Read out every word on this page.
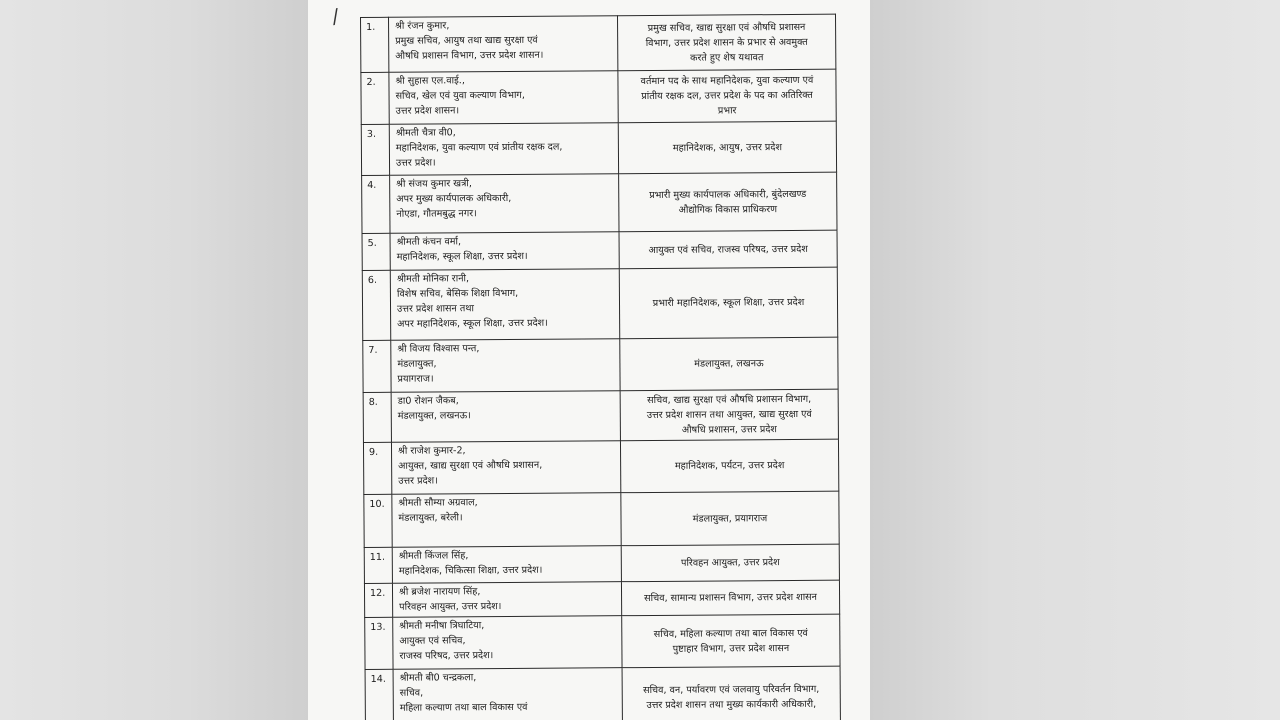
/	1.	श्री रंजन कुमार,
प्रमुख सचिव, आयुष तथा खाद्य सुरक्षा एवं
औषधि प्रशासन विभाग, उत्तर प्रदेश शासन।	प्रमुख सचिव, खाद्य सुरक्षा एवं औषधि प्रशासन
विभाग, उत्तर प्रदेश शासन के प्रभार से अवमुक्त
करते हुए शेष यथावत

2.	श्री सुहास एल.वाई.,
सचिव, खेल एवं युवा कल्याण विभाग,
उत्तर प्रदेश शासन।	वर्तमान पद के साथ महानिदेशक, युवा कल्याण एवं
प्रांतीय रक्षक दल, उत्तर प्रदेश के पद का अतिरिक्त
प्रभार

3.	श्रीमती चैत्रा वी0,
महानिदेशक, युवा कल्याण एवं प्रांतीय रक्षक दल,
उत्तर प्रदेश।	महानिदेशक, आयुष, उत्तर प्रदेश

4.	श्री संजय कुमार खत्री,
अपर मुख्य कार्यपालक अधिकारी,
नोएडा, गौतमबुद्ध नगर।	प्रभारी मुख्य कार्यपालक अधिकारी, बुंदेलखण्ड
औद्योगिक विकास प्राधिकरण

5.	श्रीमती कंचन वर्मा,
महानिदेशक, स्कूल शिक्षा, उत्तर प्रदेश।	आयुक्त एवं सचिव, राजस्व परिषद, उत्तर प्रदेश

6.	श्रीमती मोनिका रानी,
विशेष सचिव, बेसिक शिक्षा विभाग,
उत्तर प्रदेश शासन तथा
अपर महानिदेशक, स्कूल शिक्षा, उत्तर प्रदेश।	प्रभारी महानिदेशक, स्कूल शिक्षा, उत्तर प्रदेश

7.	श्री विजय विश्वास पन्त,
मंडलायुक्त,
प्रयागराज।	मंडलायुक्त, लखनऊ

8.	डा0 रोशन जैकब,
मंडलायुक्त, लखनऊ।	सचिव, खाद्य सुरक्षा एवं औषधि प्रशासन विभाग,
उत्तर प्रदेश शासन तथा आयुक्त, खाद्य सुरक्षा एवं
औषधि प्रशासन, उत्तर प्रदेश

9.	श्री राजेश कुमार-2,
आयुक्त, खाद्य सुरक्षा एवं औषधि प्रशासन,
उत्तर प्रदेश।	महानिदेशक, पर्यटन, उत्तर प्रदेश

10.	श्रीमती सौम्या अग्रवाल,
मंडलायुक्त, बरेली।	मंडलायुक्त, प्रयागराज

11.	श्रीमती किंजल सिंह,
महानिदेशक, चिकित्सा शिक्षा, उत्तर प्रदेश।	परिवहन आयुक्त, उत्तर प्रदेश

12.	श्री ब्रजेश नारायण सिंह,
परिवहन आयुक्त, उत्तर प्रदेश।	सचिव, सामान्य प्रशासन विभाग, उत्तर प्रदेश शासन

13.	श्रीमती मनीषा त्रिघाटिया,
आयुक्त एवं सचिव,
राजस्व परिषद, उत्तर प्रदेश।	सचिव, महिला कल्याण तथा बाल विकास एवं
पुष्टाहार विभाग, उत्तर प्रदेश शासन

14.	श्रीमती बी0 चन्द्रकला,
सचिव,
महिला कल्याण तथा बाल विकास एवं	सचिव, वन, पर्यावरण एवं जलवायु परिवर्तन विभाग,
उत्तर प्रदेश शासन तथा मुख्य कार्यकारी अधिकारी,
